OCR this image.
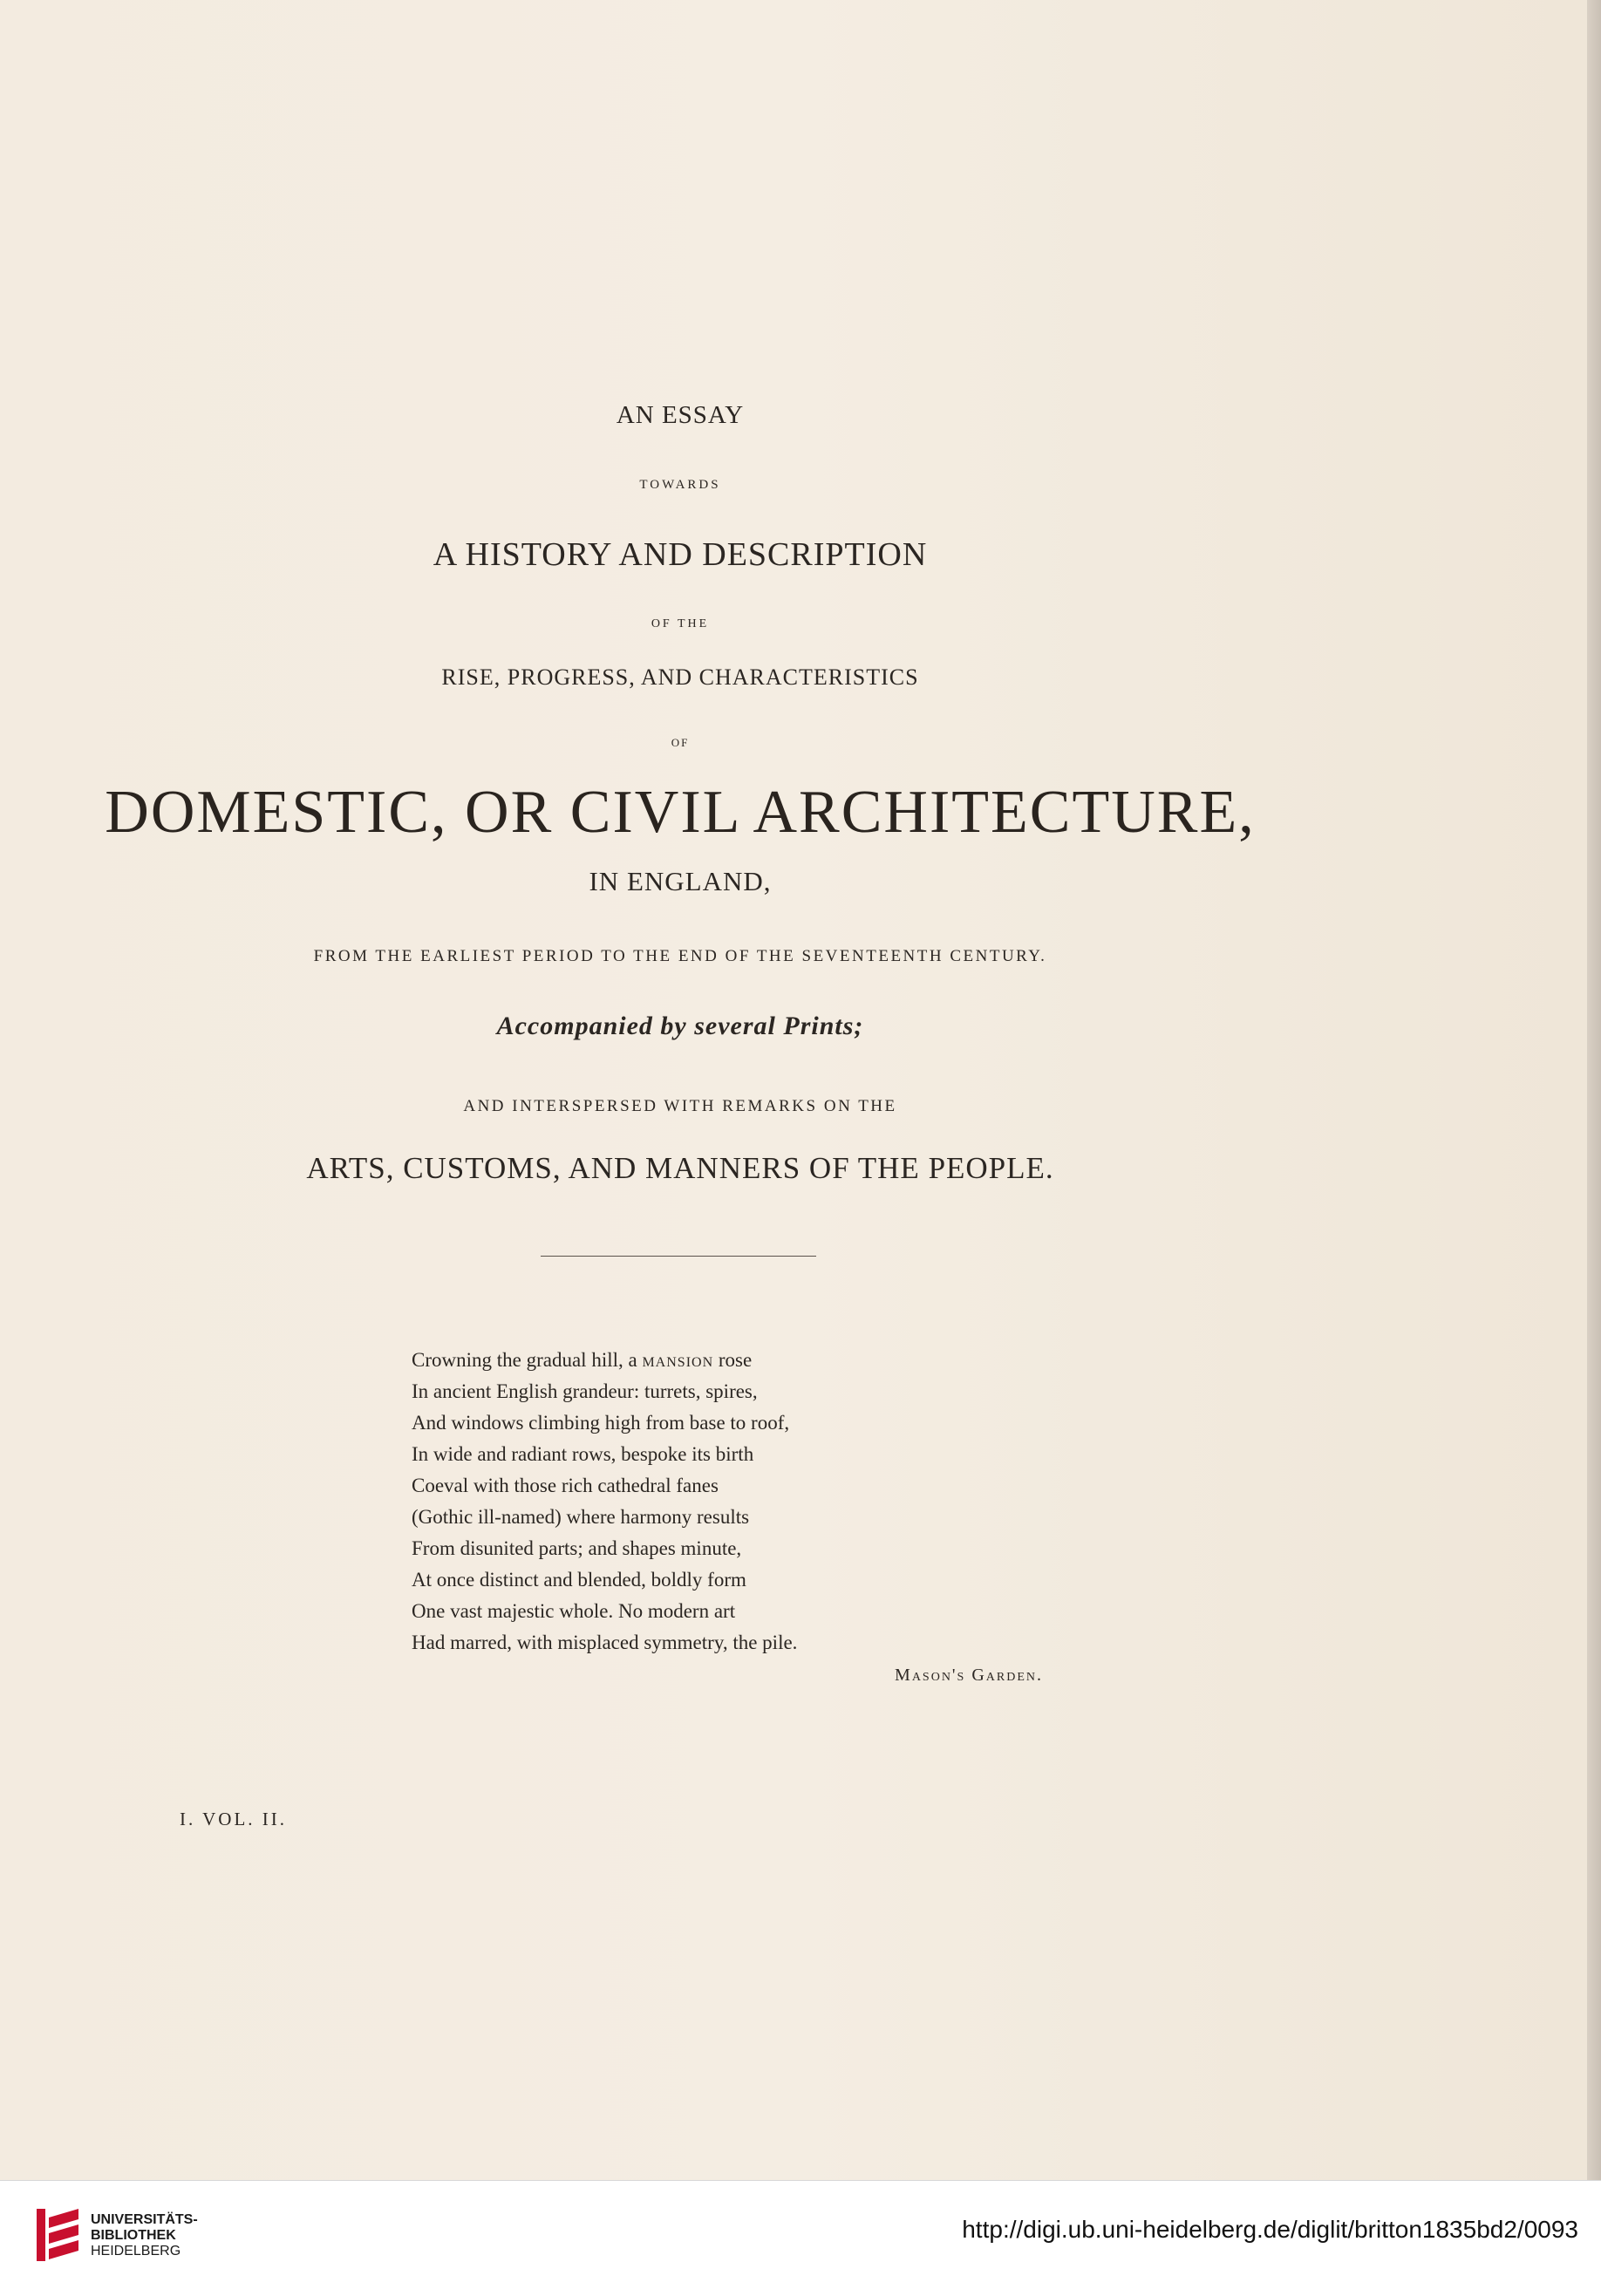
AN ESSAY
TOWARDS
A HISTORY AND DESCRIPTION
OF THE
RISE, PROGRESS, AND CHARACTERISTICS
OF
DOMESTIC, OR CIVIL ARCHITECTURE,
IN ENGLAND,
FROM THE EARLIEST PERIOD TO THE END OF THE SEVENTEENTH CENTURY.
Accompanied by several Prints;
AND INTERSPERSED WITH REMARKS ON THE
ARTS, CUSTOMS, AND MANNERS OF THE PEOPLE.
Crowning the gradual hill, a mansion rose
In ancient English grandeur: turrets, spires,
And windows climbing high from base to roof,
In wide and radiant rows, bespoke its birth
Coeval with those rich cathedral fanes
(Gothic ill-named) where harmony results
From disunited parts; and shapes minute,
At once distinct and blended, boldly form
One vast majestic whole. No modern art
Had marred, with misplaced symmetry, the pile.
Mason's Garden.
I. VOL. II.
UNIVERSITÄTS-
BIBLIOTHEK
HEIDELBERG
http://digi.ub.uni-heidelberg.de/diglit/britton1835bd2/0093
